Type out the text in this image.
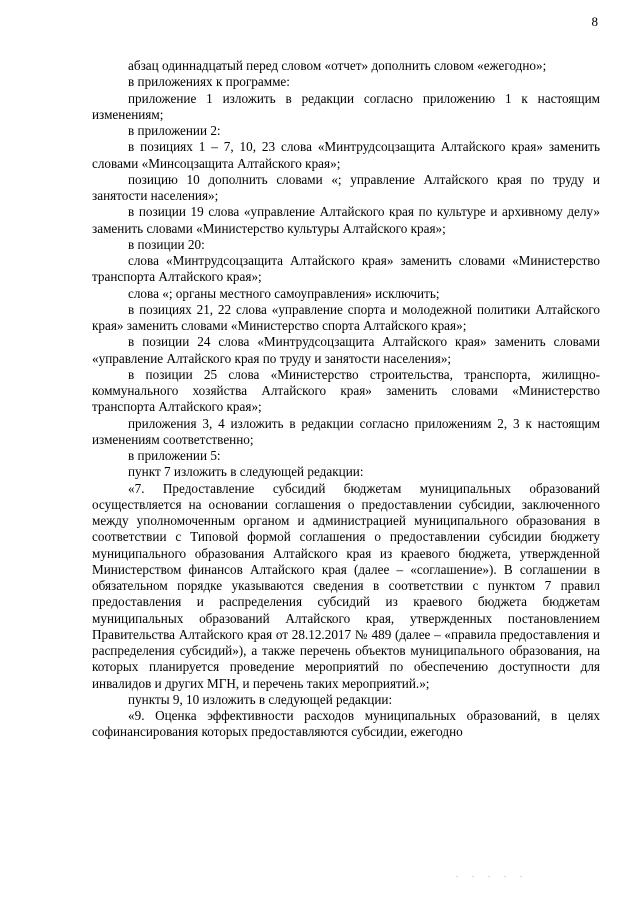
8

абзац одиннадцатый перед словом «отчет» дополнить словом «ежегодно»;

в приложениях к программе:

приложение 1 изложить в редакции согласно приложению 1 к настоящим изменениям;

в приложении 2:

в позициях 1 – 7, 10, 23 слова «Минтрудсоцзащита Алтайского края» заменить словами «Минсоцзащита Алтайского края»;

позицию 10 дополнить словами «; управление Алтайского края по труду и занятости населения»;

в позиции 19 слова «управление Алтайского края по культуре и архивному делу» заменить словами «Министерство культуры Алтайского края»;

в позиции 20:

слова «Минтрудсоцзащита Алтайского края» заменить словами «Министерство транспорта Алтайского края»;

слова «; органы местного самоуправления» исключить;

в позициях 21, 22 слова «управление спорта и молодежной политики Алтайского края» заменить словами «Министерство спорта Алтайского края»;

в позиции 24 слова «Минтрудсоцзащита Алтайского края» заменить словами «управление Алтайского края по труду и занятости населения»;

в позиции 25 слова «Министерство строительства, транспорта, жилищно-коммунального хозяйства Алтайского края» заменить словами «Министерство транспорта Алтайского края»;

приложения 3, 4 изложить в редакции согласно приложениям 2, 3 к настоящим изменениям соответственно;

в приложении 5:

пункт 7 изложить в следующей редакции:

«7. Предоставление субсидий бюджетам муниципальных образований осуществляется на основании соглашения о предоставлении субсидии, заключенного между уполномоченным органом и администрацией муниципального образования в соответствии с Типовой формой соглашения о предоставлении субсидии бюджету муниципального образования Алтайского края из краевого бюджета, утвержденной Министерством финансов Алтайского края (далее – «соглашение»). В соглашении в обязательном порядке указываются сведения в соответствии с пунктом 7 правил предоставления и распределения субсидий из краевого бюджета бюджетам муниципальных образований Алтайского края, утвержденных постановлением Правительства Алтайского края от 28.12.2017 № 489 (далее – «правила предоставления и распределения субсидий»), а также перечень объектов муниципального образования, на которых планируется проведение мероприятий по обеспечению доступности для инвалидов и других МГН, и перечень таких мероприятий.»;

пункты 9, 10 изложить в следующей редакции:

«9. Оценка эффективности расходов муниципальных образований, в целях софинансирования которых предоставляются субсидии, ежегодно

. . . . .
